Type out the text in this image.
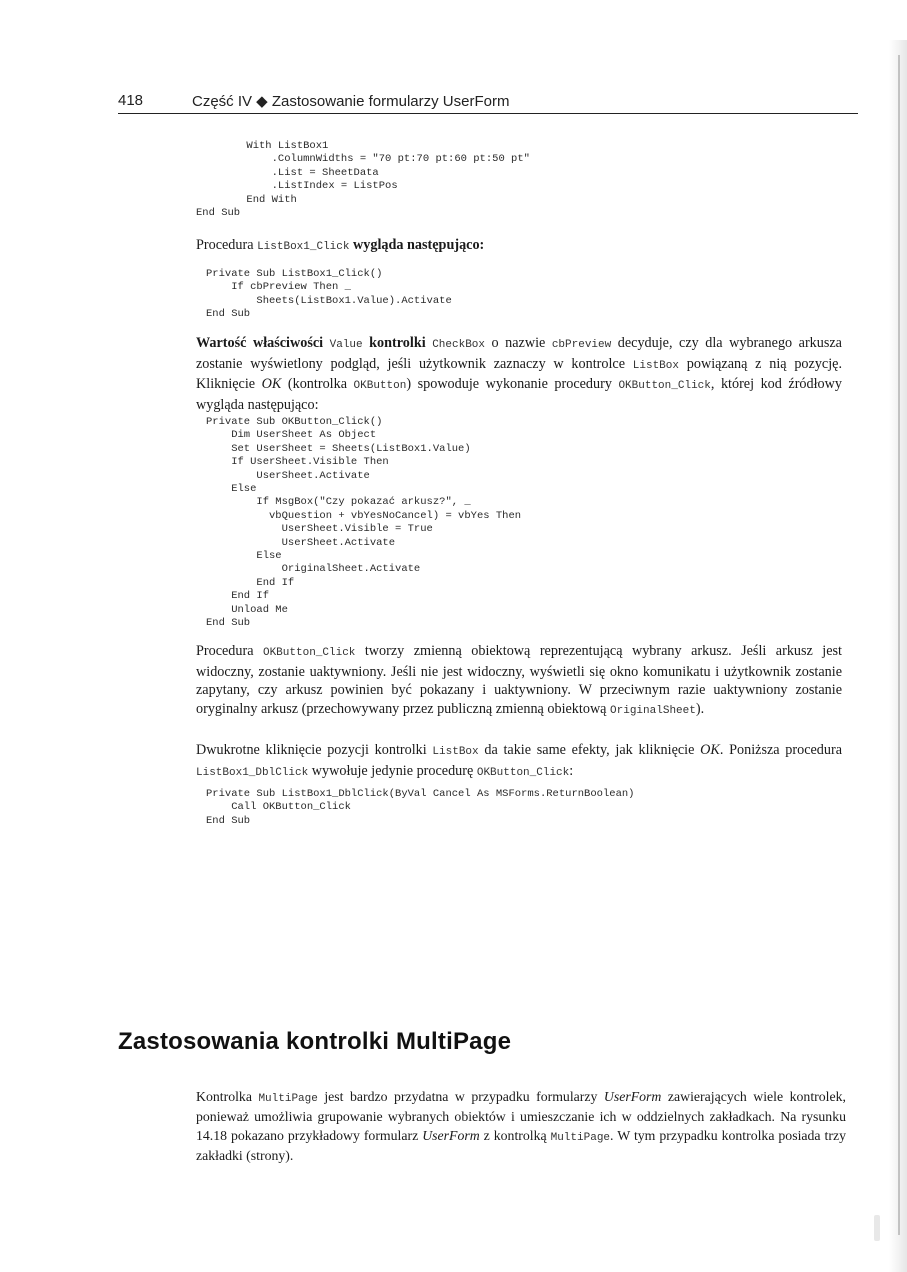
418	Część IV ◆ Zastosowanie formularzy UserForm
With ListBox1
.ColumnWidths = "70 pt:70 pt:60 pt:50 pt"
.List = SheetData
.ListIndex = ListPos
End With
End Sub

Procedura ListBox1_Click wygląda następująco:

Private Sub ListBox1_Click()
If cbPreview Then _
Sheets(ListBox1.Value).Activate
End Sub

Wartość właściwości Value kontrolki CheckBox o nazwie cbPreview decyduje, czy dla wybranego arkusza zostanie wyświetlony podgląd, jeśli użytkownik zaznaczy w kontrolce ListBox powiązaną z nią pozycję. Kliknięcie OK (kontrolka OKButton) spowoduje wykonanie procedury OKButton_Click, której kod źródłowy wygląda następująco:

Private Sub OKButton_Click()
Dim UserSheet As Object
Set UserSheet = Sheets(ListBox1.Value)
If UserSheet.Visible Then
UserSheet.Activate
Else
If MsgBox("Czy pokazać arkusz?", _
vbQuestion + vbYesNoCancel) = vbYes Then
UserSheet.Visible = True
UserSheet.Activate
Else
OriginalSheet.Activate
End If
End If
Unload Me
End Sub

Procedura OKButton_Click tworzy zmienną obiektową reprezentującą wybrany arkusz. Jeśli arkusz jest widoczny, zostanie uaktywniony. Jeśli nie jest widoczny, wyświetli się okno komunikatu i użytkownik zostanie zapytany, czy arkusz powinien być pokazany i uaktywniony. W przeciwnym razie uaktywniony zostanie oryginalny arkusz (przechowywany przez publiczną zmienną obiektową OriginalSheet).

Dwukrotne kliknięcie pozycji kontrolki ListBox da takie same efekty, jak kliknięcie OK. Poniższa procedura ListBox1_DblClick wywołuje jedynie procedurę OKButton_Click:

Private Sub ListBox1_DblClick(ByVal Cancel As MSForms.ReturnBoolean)
Call OKButton_Click
End Sub
Zastosowania kontrolki MultiPage

Kontrolka MultiPage jest bardzo przydatna w przypadku formularzy UserForm zawierających wiele kontrolek, ponieważ umożliwia grupowanie wybranych obiektów i umieszczanie ich w oddzielnych zakładkach. Na rysunku 14.18 pokazano przykładowy formularz UserForm z kontrolką MultiPage. W tym przypadku kontrolka posiada trzy zakładki (strony).
